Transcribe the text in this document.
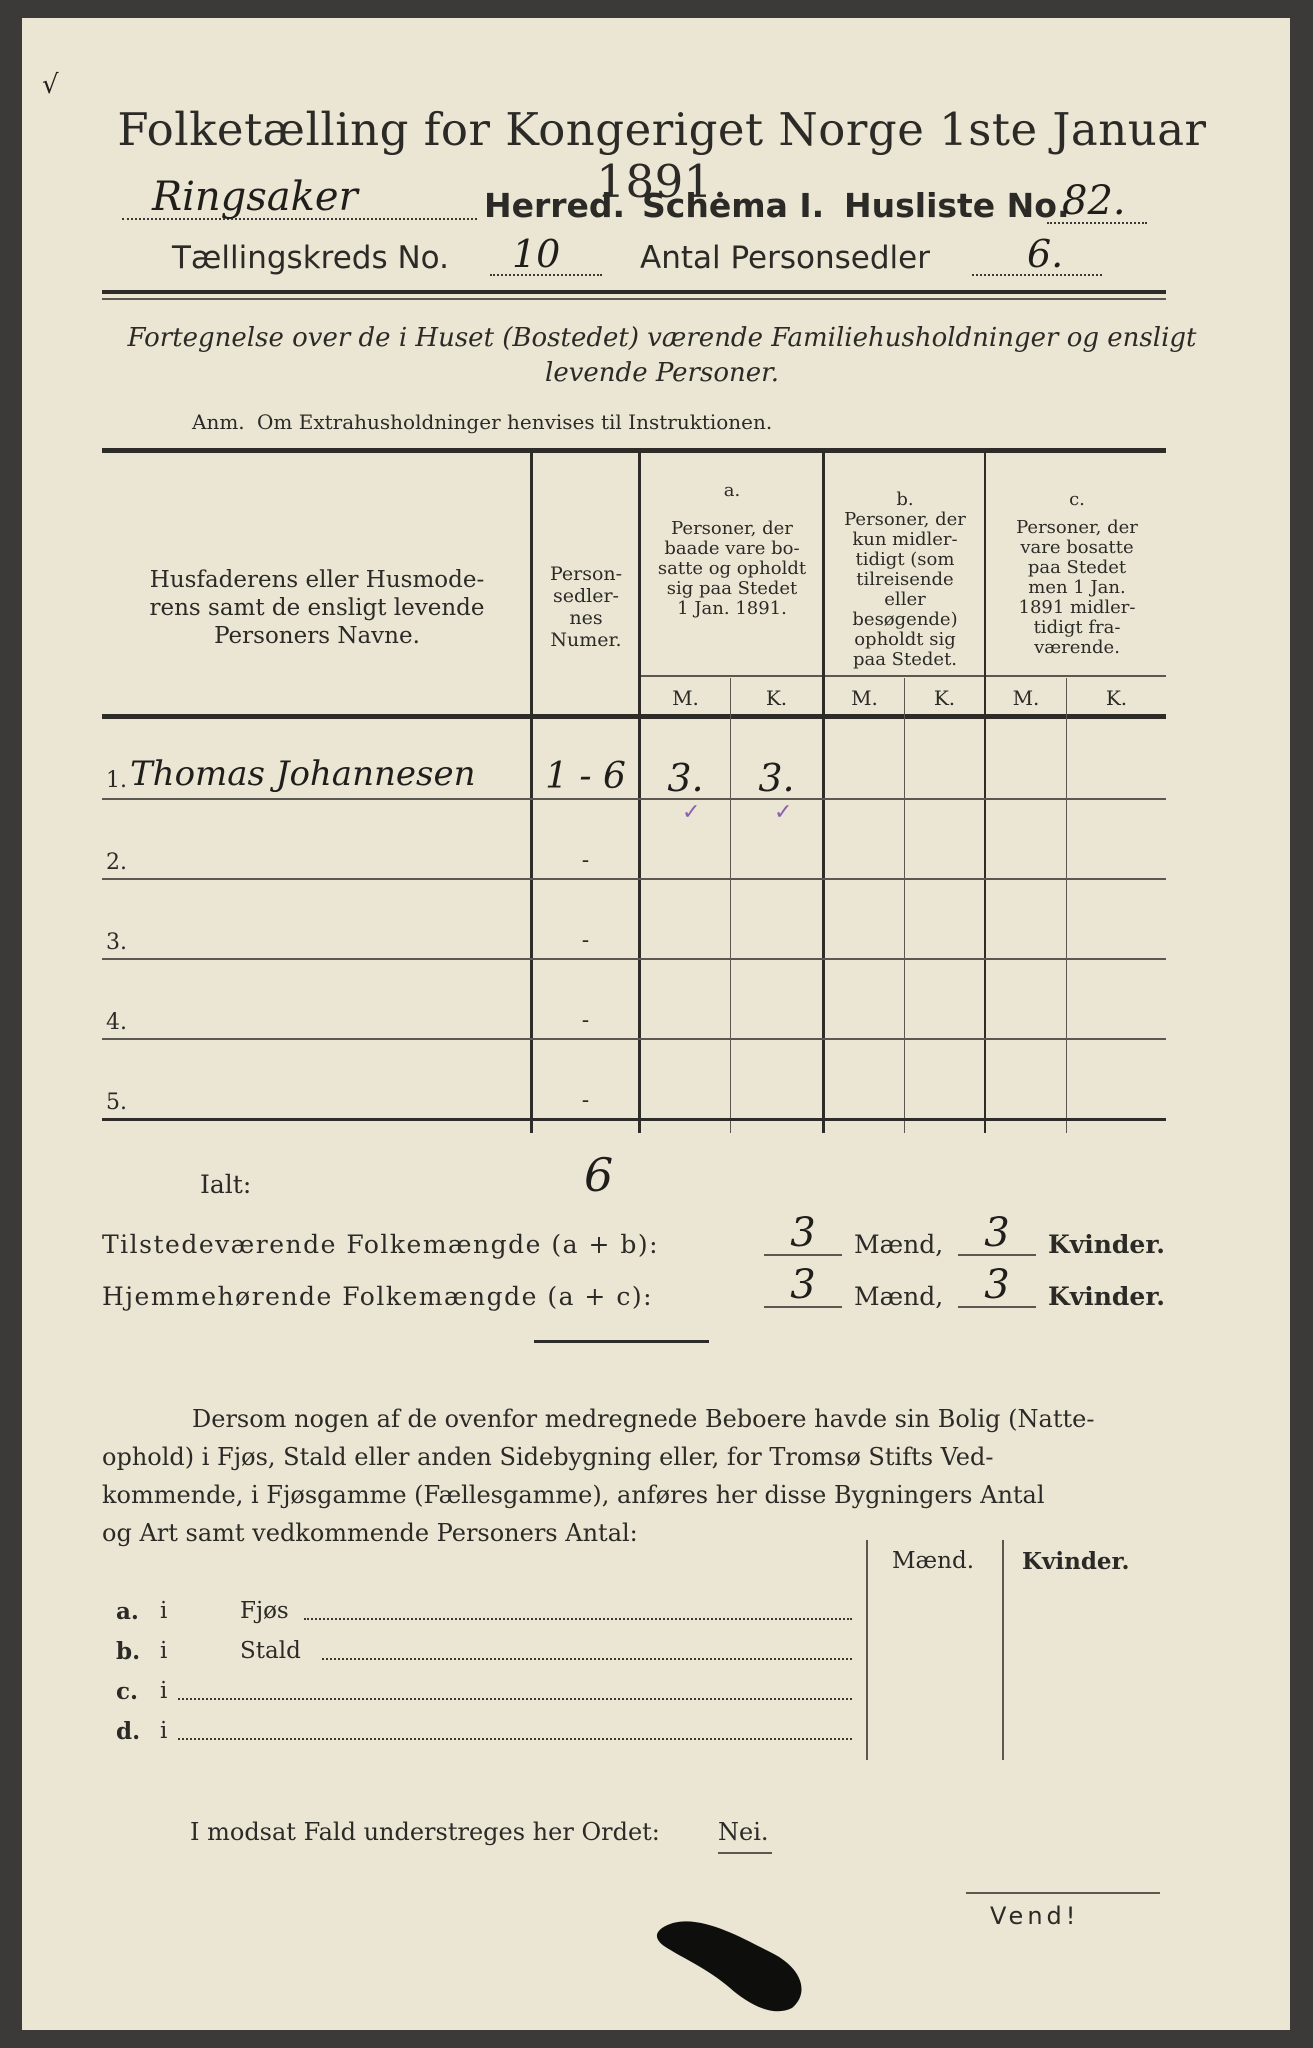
√
Folketælling for Kongeriget Norge 1ste Januar 1891.
Ringsaker	Herred. Schema I. Husliste No.
82.
Tællingskreds No. 10	Antal Personsedler	6.
Fortegnelse over de i Huset (Bostedet) værende Familiehusholdninger og ensligt
levende Personer.
Anm. Om Extrahusholdninger henvises til Instruktionen.
Husfaderens eller Husmode-
rens samt de ensligt levende
Personers Navne.
Person-
sedler-
nes
Numer.
a.
Personer, der
baade vare bo-
satte og opholdt
sig paa Stedet
1 Jan. 1891.
b.
Personer, der
kun midler-
tidigt (som
tilreisende
eller
besøgende)
opholdt sig
paa Stedet.
c.
Personer, der
vare bosatte
paa Stedet
men 1 Jan.
1891 midler-
tidigt fra-
værende.
M.	K.	M.	K.	M.	K.
1. Thomas Johannesen	1 - 6	3.	3.
✓	✓
2.	-
3.	-
4.	-
5.	-
Ialt:	6
Tilstedeværende Folkemængde (a + b):	3	Mænd,	3	Kvinder.
Hjemmehørende Folkemængde (a + c):	3	Mænd,	3	Kvinder.
Dersom nogen af de ovenfor medregnede Beboere havde sin Bolig (Natte-
ophold) i Fjøs, Stald eller anden Sidebygning eller, for Tromsø Stifts Ved-
kommende, i Fjøsgamme (Fællesgamme), anføres her disse Bygningers Antal
og Art samt vedkommende Personers Antal:
Mænd. Kvinder.
a. i	Fjøs
b. i	Stald
c. i
d. i
I modsat Fald understreges her Ordet: Nei.
Vend!
